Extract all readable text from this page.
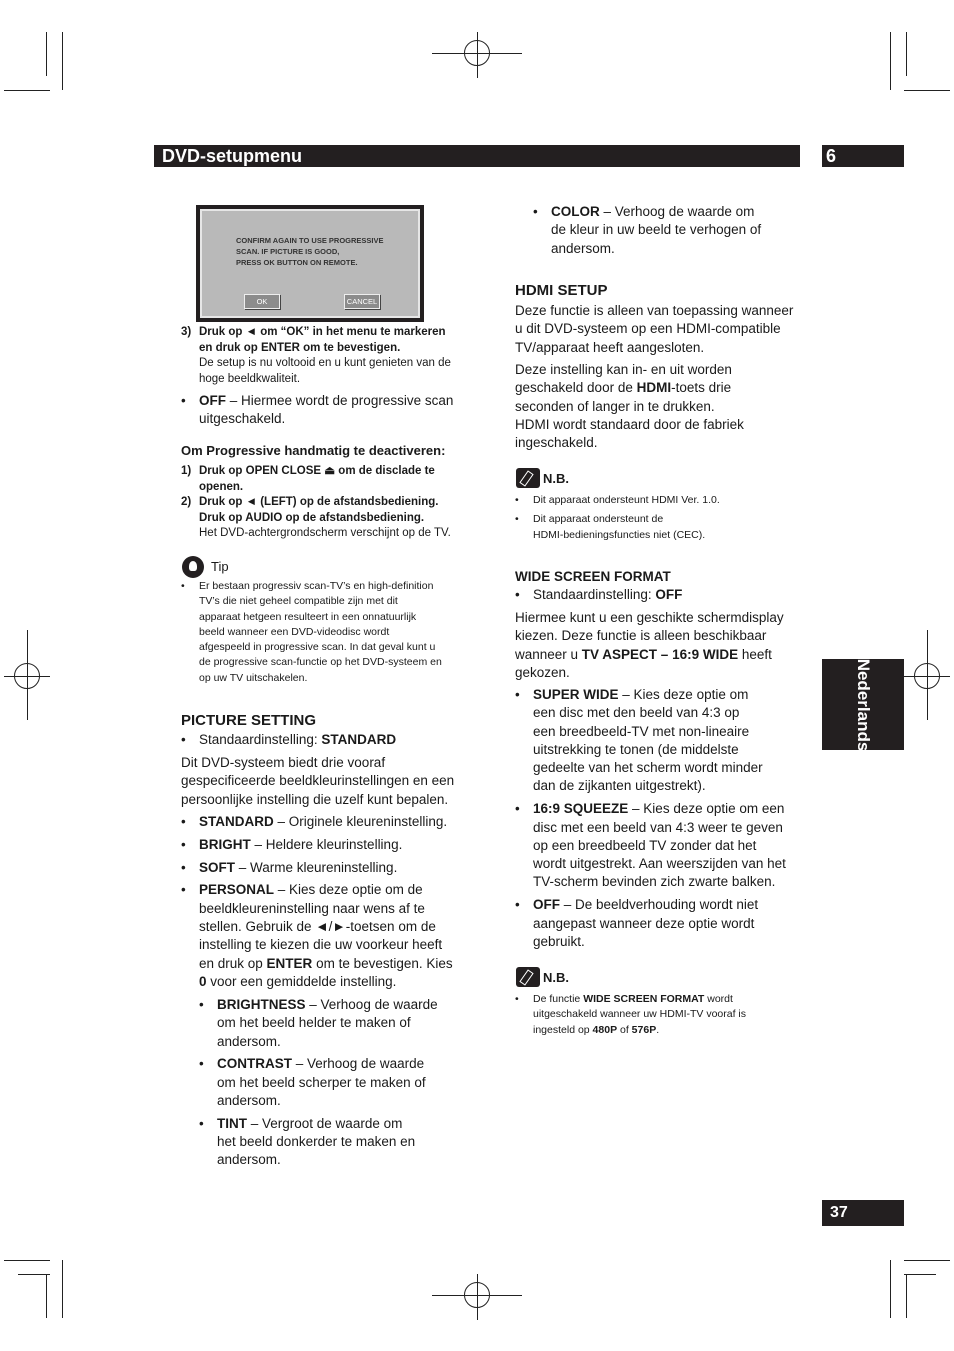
DVD-setupmenu	6
Nederlands
37
CONFIRM AGAIN TO USE PROGRESSIVE
SCAN. IF PICTURE IS GOOD,
PRESS OK BUTTON ON REMOTE.
OK	CANCEL
3) Druk op ◄ om “OK” in het menu te markeren
en druk op ENTER om te bevestigen.
De setup is nu voltooid en u kunt genieten van de
hoge beeldkwaliteit.
• OFF – Hiermee wordt de progressive scan
uitgeschakeld.
Om Progressive handmatig te deactiveren:
1) Druk op OPEN CLOSE ⏏ om de disclade te
openen.
2) Druk op ◄ (LEFT) op de afstandsbediening.
Druk op AUDIO op de afstandsbediening.
Het DVD-achtergrondscherm verschijnt op de TV.
Tip
• Er bestaan progressiv scan-TV’s en high-definition
TV’s die niet geheel compatible zijn met dit
apparaat hetgeen resulteert in een onnatuurlijk
beeld wanneer een DVD-videodisc wordt
afgespeeld in progressive scan. In dat geval kunt u
de progressive scan-functie op het DVD-systeem en
op uw TV uitschakelen.
PICTURE SETTING
• Standaardinstelling: STANDARD
Dit DVD-systeem biedt drie vooraf
gespecificeerde beeldkleurinstellingen en een
persoonlijke instelling die uzelf kunt bepalen.
• STANDARD – Originele kleureninstelling.
• BRIGHT – Heldere kleurinstelling.
• SOFT – Warme kleureninstelling.
• PERSONAL – Kies deze optie om de
beeldkleureninstelling naar wens af te
stellen. Gebruik de ◄/►-toetsen om de
instelling te kiezen die uw voorkeur heeft
en druk op ENTER om te bevestigen. Kies
0 voor een gemiddelde instelling.
• BRIGHTNESS – Verhoog de waarde
om het beeld helder te maken of
andersom.
• CONTRAST – Verhoog de waarde
om het beeld scherper te maken of
andersom.
• TINT – Vergroot de waarde om
het beeld donkerder te maken en
andersom.
• COLOR – Verhoog de waarde om
de kleur in uw beeld te verhogen of
andersom.
HDMI SETUP
Deze functie is alleen van toepassing wanneer
u dit DVD-systeem op een HDMI-compatible
TV/apparaat heeft aangesloten.
Deze instelling kan in- en uit worden
geschakeld door de HDMI-toets drie
seconden of langer in te drukken.
HDMI wordt standaard door de fabriek
ingeschakeld.
N.B.
• Dit apparaat ondersteunt HDMI Ver. 1.0.
• Dit apparaat ondersteunt de
HDMI-bedieningsfuncties niet (CEC).
WIDE SCREEN FORMAT
• Standaardinstelling: OFF
Hiermee kunt u een geschikte schermdisplay
kiezen. Deze functie is alleen beschikbaar
wanneer u TV ASPECT – 16:9 WIDE heeft
gekozen.
• SUPER WIDE – Kies deze optie om
een disc met den beeld van 4:3 op
een breedbeeld-TV met non-lineaire
uitstrekking te tonen (de middelste
gedeelte van het scherm wordt minder
dan de zijkanten uitgestrekt).
• 16:9 SQUEEZE – Kies deze optie om een
disc met een beeld van 4:3 weer te geven
op een breedbeeld TV zonder dat het
wordt uitgestrekt. Aan weerszijden van het
TV-scherm bevinden zich zwarte balken.
• OFF – De beeldverhouding wordt niet
aangepast wanneer deze optie wordt
gebruikt.
N.B.
• De functie WIDE SCREEN FORMAT wordt
uitgeschakeld wanneer uw HDMI-TV vooraf is
ingesteld op 480P of 576P.
